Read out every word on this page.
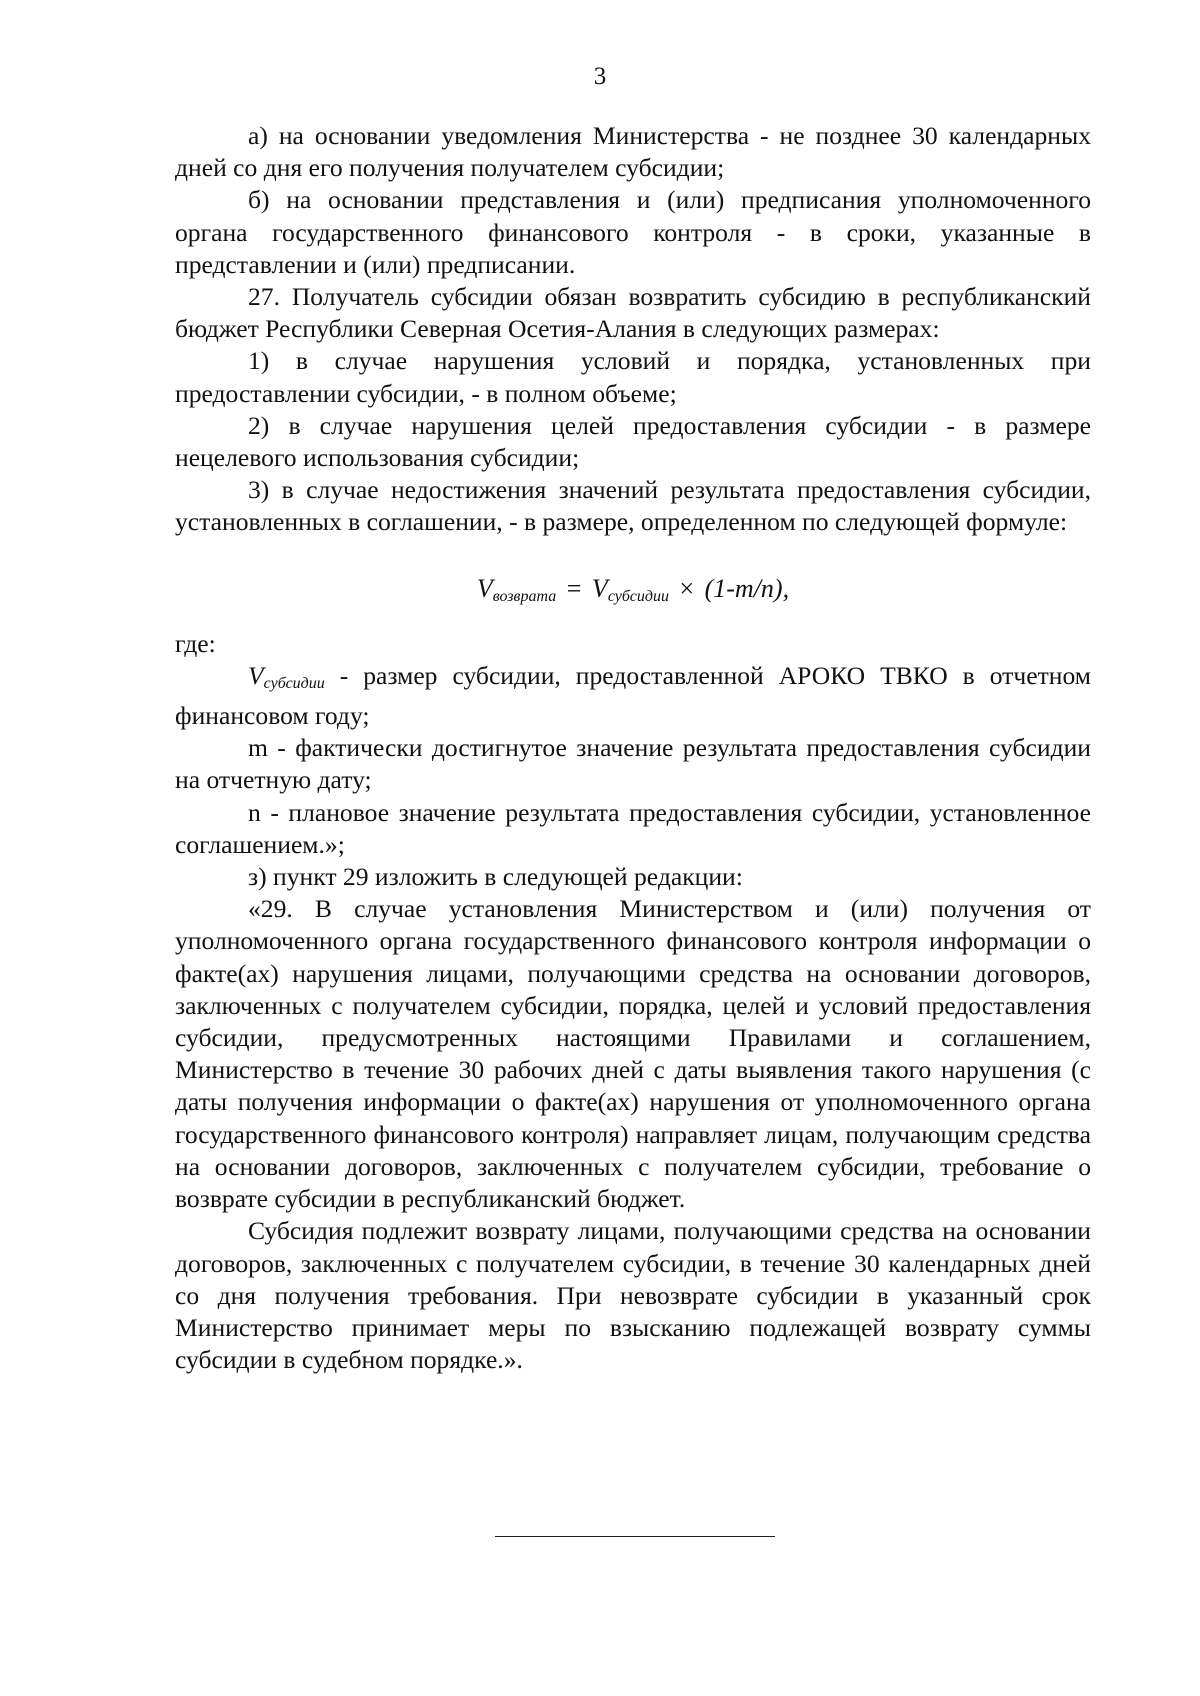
3

а) на основании уведомления Министерства - не позднее 30 календарных дней со дня его получения получателем субсидии;

б) на основании представления и (или) предписания уполномоченного органа государственного финансового контроля - в сроки, указанные в представлении и (или) предписании.

27. Получатель субсидии обязан возвратить субсидию в республиканский бюджет Республики Северная Осетия-Алания в следующих размерах:

1) в случае нарушения условий и порядка, установленных при предоставлении субсидии, - в полном объеме;

2) в случае нарушения целей предоставления субсидии - в размере нецелевого использования субсидии;

3) в случае недостижения значений результата предоставления субсидии, установленных в соглашении, - в размере, определенном по следующей формуле:

$V_{возврата} = V_{субсидии} \times (1-m/n)$,

где:

$V_{субсидии}$ - размер субсидии, предоставленной АРОКО ТВКО в отчетном финансовом году;

m - фактически достигнутое значение результата предоставления субсидии на отчетную дату;

n - плановое значение результата предоставления субсидии, установленное соглашением.»;

з) пункт 29 изложить в следующей редакции:

«29. В случае установления Министерством и (или) получения от уполномоченного органа государственного финансового контроля информации о факте(ах) нарушения лицами, получающими средства на основании договоров, заключенных с получателем субсидии, порядка, целей и условий предоставления субсидии, предусмотренных настоящими Правилами и соглашением, Министерство в течение 30 рабочих дней с даты выявления такого нарушения (с даты получения информации о факте(ах) нарушения от уполномоченного органа государственного финансового контроля) направляет лицам, получающим средства на основании договоров, заключенных с получателем субсидии, требование о возврате субсидии в республиканский бюджет.

Субсидия подлежит возврату лицами, получающими средства на основании договоров, заключенных с получателем субсидии, в течение 30 календарных дней со дня получения требования. При невозврате субсидии в указанный срок Министерство принимает меры по взысканию подлежащей возврату суммы субсидии в судебном порядке.».
